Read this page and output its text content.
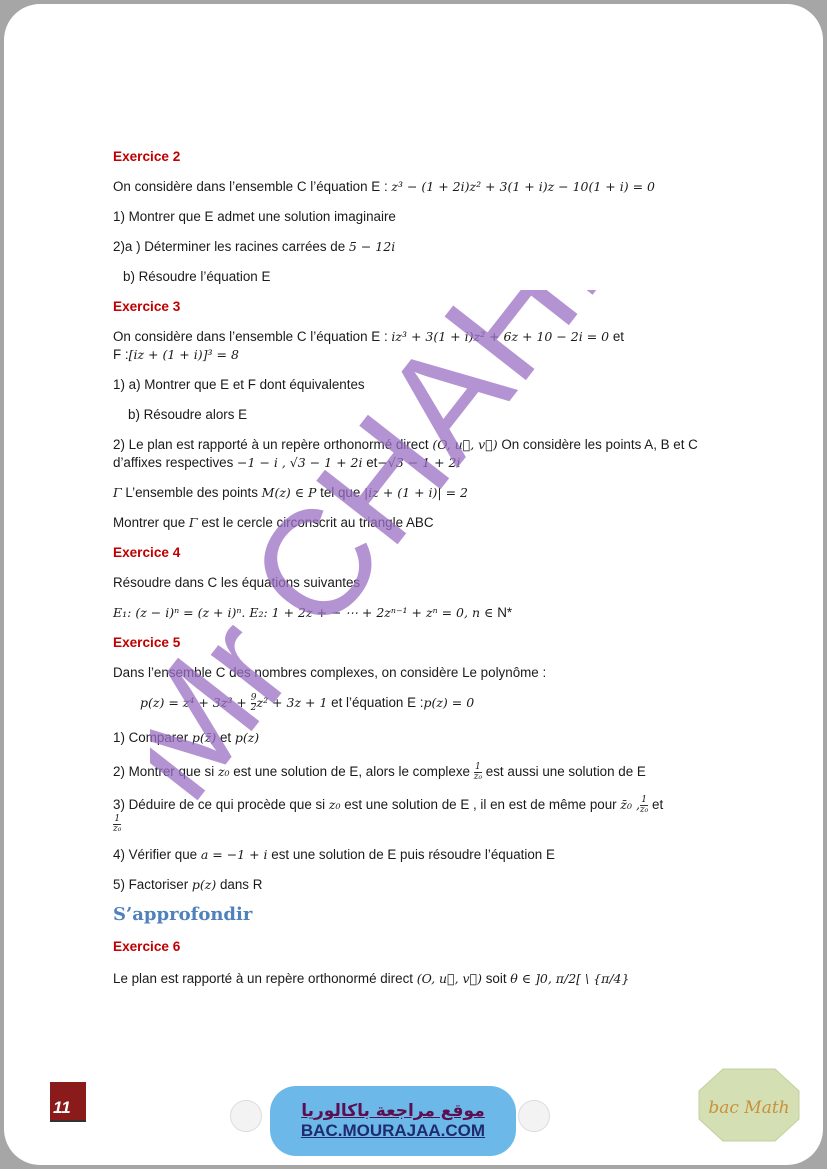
Exercice 2

On considère dans l’ensemble C l’équation E : z³ − (1 + 2i)z² + 3(1 + i)z − 10(1 + i) = 0

1) Montrer que E admet une solution imaginaire

2)a ) Déterminer les racines carrées de 5 − 12i

b) Résoudre l’équation E

Exercice 3

On considère dans l’ensemble C l’équation E : iz³ + 3(1 + i)z² + 6z + 10 − 2i = 0 et

F :[iz + (1 + i)]³ = 8

1) a) Montrer que E et F dont équivalentes

b) Résoudre alors E

2) Le plan est rapporté à un repère orthonormé direct (O, u⃗, v⃗) On considère les points A, B et C

d’affixes respectives −1 − i , √3 − 1 + 2i et−√3 − 1 + 2i

Γ L’ensemble des points M(z) ∈ P tel que |iz + (1 + i)| = 2

Montrer que Γ est le cercle circonscrit au triangle ABC

Exercice 4

Résoudre dans C les équations suivantes

E₁: (z − i)ⁿ = (z + i)ⁿ. E₂: 1 + 2z + − ⋯ + 2zⁿ⁻¹ + zⁿ = 0, n ∈ N*

Exercice 5

Dans l’ensemble C des nombres complexes, on considère Le polynôme :

$p(z) = z^4 + 3z^3 + \frac{9}{2} z^2 + 3z + 1$ et l’équation E :p(z) = 0

1) Comparer p(z̄) et p(z)

2) Montrer que si z₀ est une solution de E, alors le complexe $\frac{1}{\text{z̄₀}}$ est aussi une solution de E

3) Déduire de ce qui procède que si z₀ est une solution de E , il en est de même pour z̄₀ , $\frac{1}{\text{z₀}}$ et

$\frac{1}{\text{z̄₀}}$

4) Vérifier que a = −1 + i est une solution de E puis résoudre l’équation E

5) Factoriser p(z) dans R

S’approfondir

Exercice 6

Le plan est rapporté à un repère orthonormé direct (O, u⃗, v⃗) soit θ ∈ ]0, π/2[ \ {π/4}

11	موقع مراجعة باكالوريا
BAC.MOURAJAA.COM
bac Math
